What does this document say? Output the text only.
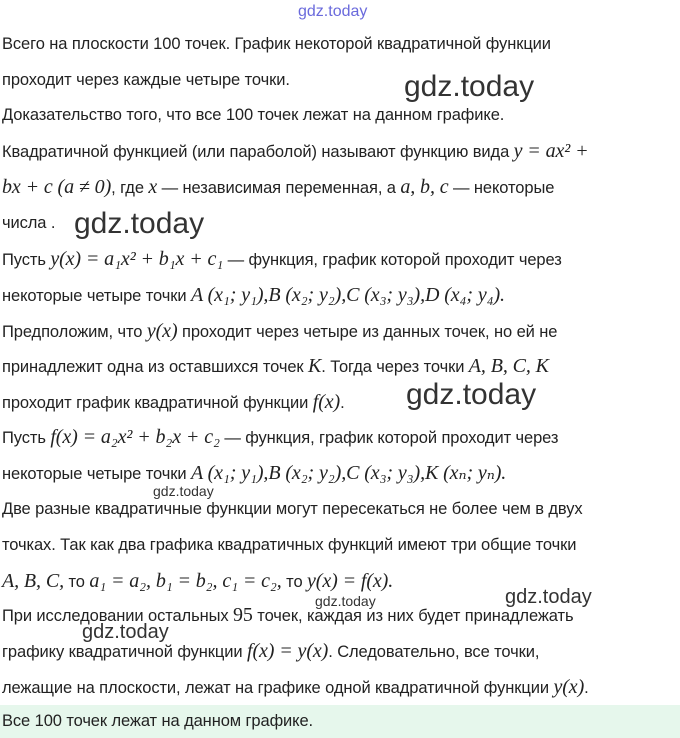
gdz.today
Всего на плоскости 100 точек. График некоторой квадратичной функции
проходит через каждые четыре точки.	gdz.today
Доказательство того, что все 100 точек лежат на данном графике.
Квадратичной функцией (или параболой) называют функцию вида y = ax² +
bx + c (a ≠ 0), где x — независимая переменная, а a, b, c — некоторые
числа . gdz.today
Пусть y(x) = a₁x² + b₁x + c₁ — функция, график которой проходит через
некоторые четыре точки A (x₁; y₁),B (x₂; y₂),C (x₃; y₃),D (x₄; y₄).
Предположим, что y(x) проходит через четыре из данных точек, но ей не
принадлежит одна из оставшихся точек K. Тогда через точки A, B, C, K
проходит график квадратичной функции f(x).	gdz.today
Пусть f(x) = a₂x² + b₂x + c₂ — функция, график которой проходит через
некоторые четыре точки A (x₁; y₁),B (x₂; y₂),C (x₃; y₃),K (xₙ; yₙ).
gdz.today
Две разные квадратичные функции могут пересекаться не более чем в двух
точках. Так как два графика квадратичных функций имеют три общие точки
A, B, C, то a₁ = a₂, b₁ = b₂, c₁ = c₂, то y(x) = f(x).
gdz.today	gdz.today
При исследовании остальных 95 точек, каждая из них будет принадлежать
gdz.today
графику квадратичной функции f(x) = y(x). Следовательно, все точки,
лежащие на плоскости, лежат на графике одной квадратичной функции y(x).
Все 100 точек лежат на данном графике.
